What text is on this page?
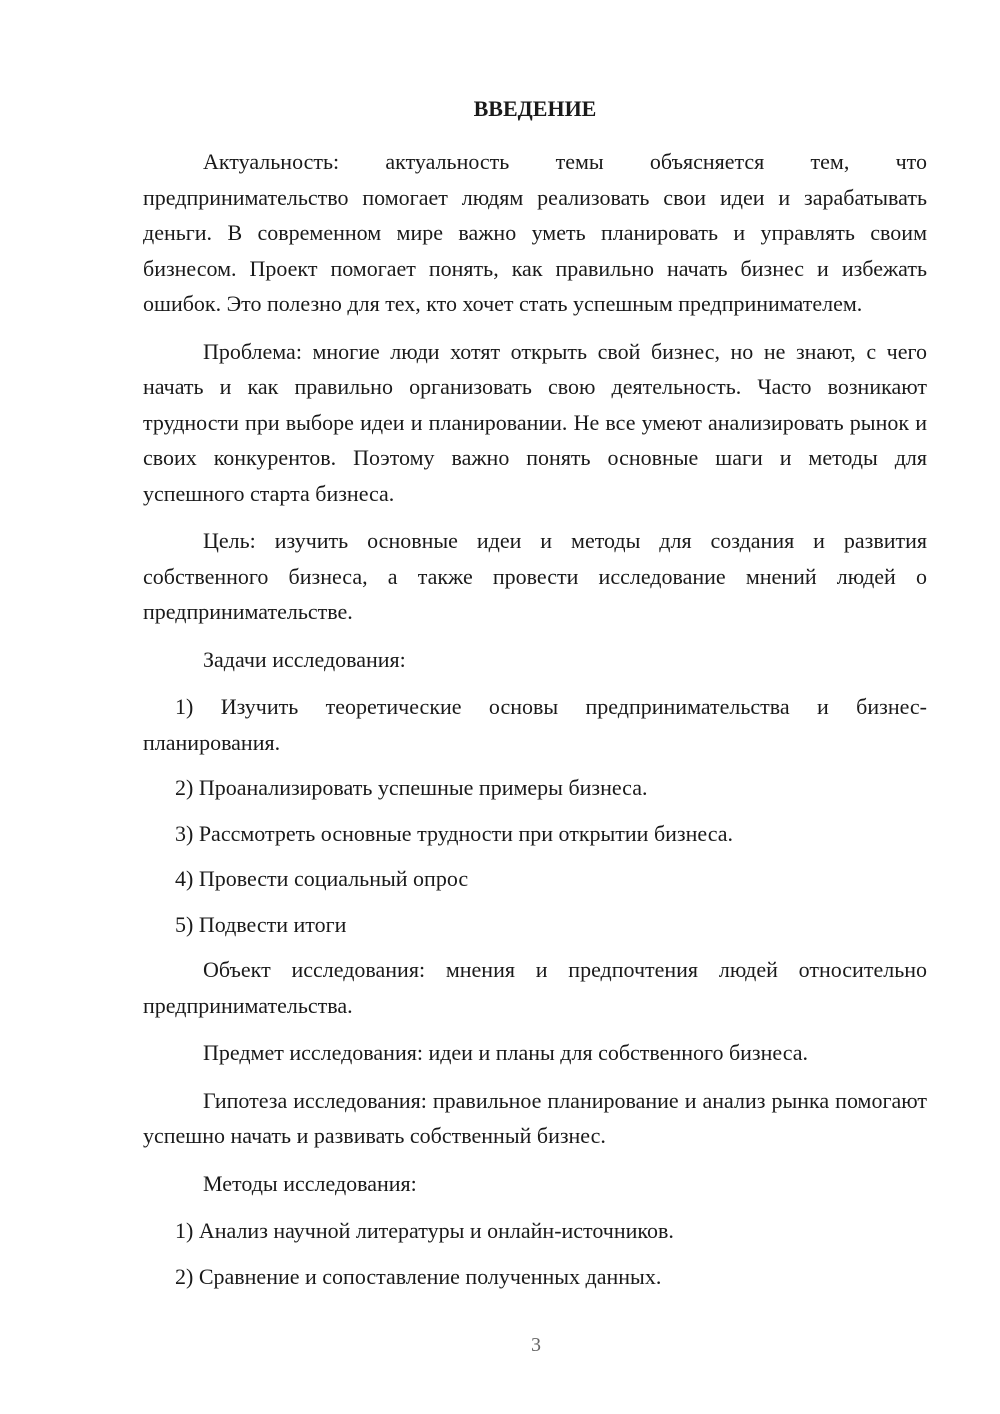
ВВЕДЕНИЕ

Актуальность: актуальность темы объясняется тем, что предпринимательство помогает людям реализовать свои идеи и зарабатывать деньги. В современном мире важно уметь планировать и управлять своим бизнесом. Проект помогает понять, как правильно начать бизнес и избежать ошибок. Это полезно для тех, кто хочет стать успешным предпринимателем.

Проблема: многие люди хотят открыть свой бизнес, но не знают, с чего начать и как правильно организовать свою деятельность. Часто возникают трудности при выборе идеи и планировании. Не все умеют анализировать рынок и своих конкурентов. Поэтому важно понять основные шаги и методы для успешного старта бизнеса.

Цель: изучить основные идеи и методы для создания и развития собственного бизнеса, а также провести исследование мнений людей о предпринимательстве.

Задачи исследования:

1) Изучить теоретические основы предпринимательства и бизнес-планирования.
2) Проанализировать успешные примеры бизнеса.
3) Рассмотреть основные трудности при открытии бизнеса.
4) Провести социальный опрос
5) Подвести итоги

Объект исследования: мнения и предпочтения людей относительно предпринимательства.

Предмет исследования: идеи и планы для собственного бизнеса.

Гипотеза исследования: правильное планирование и анализ рынка помогают успешно начать и развивать собственный бизнес.

Методы исследования:

1) Анализ научной литературы и онлайн-источников.
2) Сравнение и сопоставление полученных данных.
3
